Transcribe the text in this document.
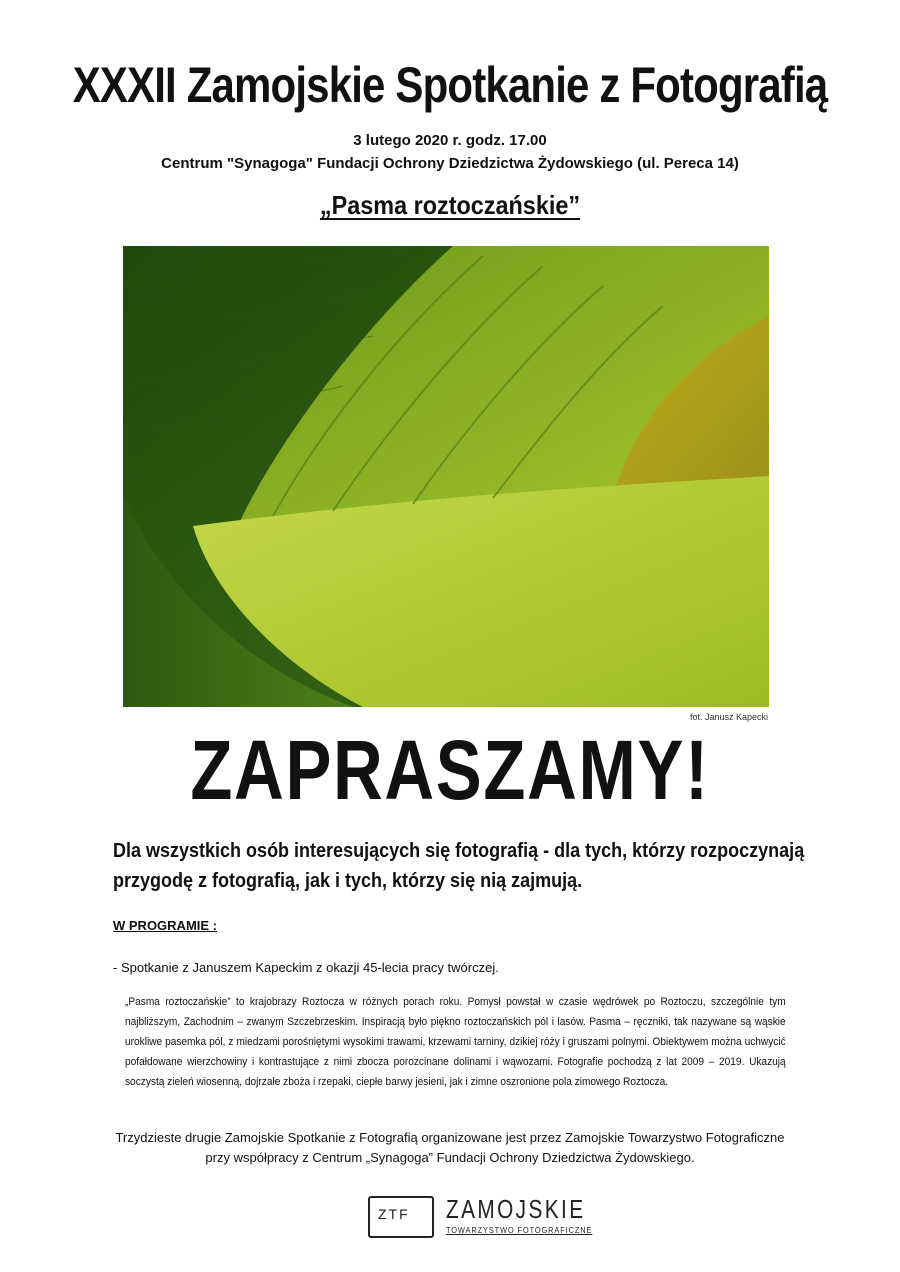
XXXII Zamojskie Spotkanie z Fotografią
3 lutego 2020 r. godz. 17.00
Centrum "Synagoga" Fundacji Ochrony Dziedzictwa Żydowskiego (ul. Pereca 14)
„Pasma roztoczańskie”
fot. Janusz Kapecki
ZAPRASZAMY!
Dla wszystkich osób interesujących się fotografią - dla tych, którzy rozpoczynają
przygodę z fotografią, jak i tych, którzy się nią zajmują.
W PROGRAMIE :
- Spotkanie z Januszem Kapeckim z okazji 45-lecia pracy twórczej.
„Pasma roztoczańskie” to krajobrazy Roztocza w różnych porach roku. Pomysł powstał w czasie wędrówek po Roztoczu, szczególnie tym najbliższym, Zachodnim – zwanym Szczebrzeskim. Inspiracją było piękno roztoczańskich pól i lasów. Pasma – ręczniki, tak nazywane są wąskie urokliwe pasemka pól, z miedzami porośniętymi wysokimi trawami, krzewami tarniny, dzikiej róży i gruszami polnymi. Obiektywem można uchwycić pofałdowane wierzchowiny i kontrastujące z nimi zbocza porozcinane dolinami i wąwozami. Fotografie pochodzą z lat 2009 – 2019. Ukazują soczystą zieleń wiosenną, dojrzałe zboża i rzepaki, ciepłe barwy jesieni, jak i zimne oszronione pola zimowego Roztocza.
Trzydzieste drugie Zamojskie Spotkanie z Fotografią organizowane jest przez Zamojskie Towarzystwo Fotograficzne
przy współpracy z Centrum „Synagoga” Fundacji Ochrony Dziedzictwa Żydowskiego.
ZTF ZAMOJSKIE
TOWARZYSTWO FOTOGRAFICZNE
